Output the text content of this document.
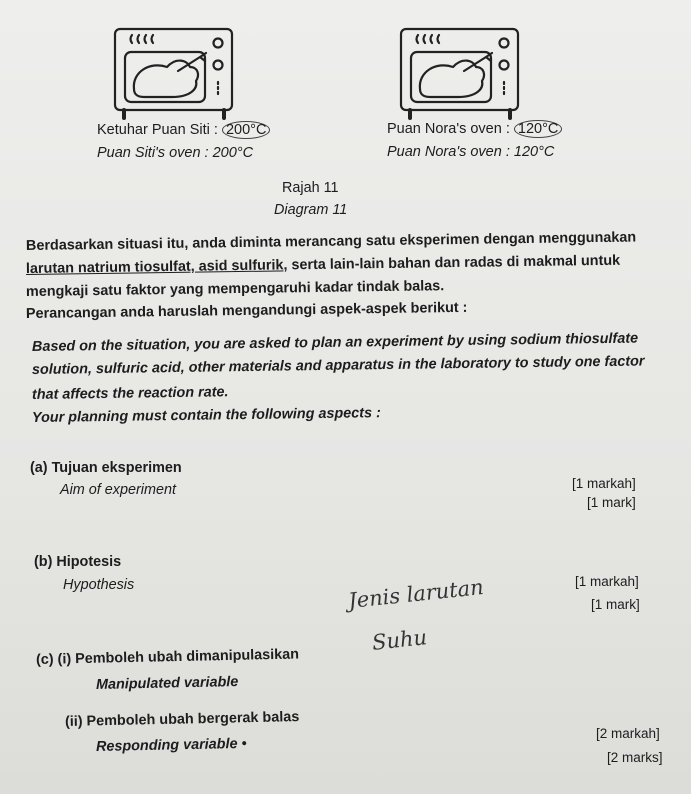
Ketuhar Puan Siti : 200°C
Puan Siti's oven : 200°C
Puan Nora's oven : 120°C
Puan Nora's oven : 120°C
Rajah 11
Diagram 11
Berdasarkan situasi itu, anda diminta merancang satu eksperimen dengan menggunakan
larutan natrium tiosulfat, asid sulfurik, serta lain-lain bahan dan radas di makmal untuk
mengkaji satu faktor yang mempengaruhi kadar tindak balas.
Perancangan anda haruslah mengandungi aspek-aspek berikut :
Based on the situation, you are asked to plan an experiment by using sodium thiosulfate
solution, sulfuric acid, other materials and apparatus in the laboratory to study one factor
that affects the reaction rate.
Your planning must contain the following aspects :
(a) Tujuan eksperimen
Aim of experiment	[1 markah]
[1 mark]
(b) Hipotesis
Hypothesis	[1 markah]
[1 mark]
Jenis larutan
Suhu
(c) (i) Pemboleh ubah dimanipulasikan
Manipulated variable
(ii) Pemboleh ubah bergerak balas
Responding variable •
[2 markah]
[2 marks]
